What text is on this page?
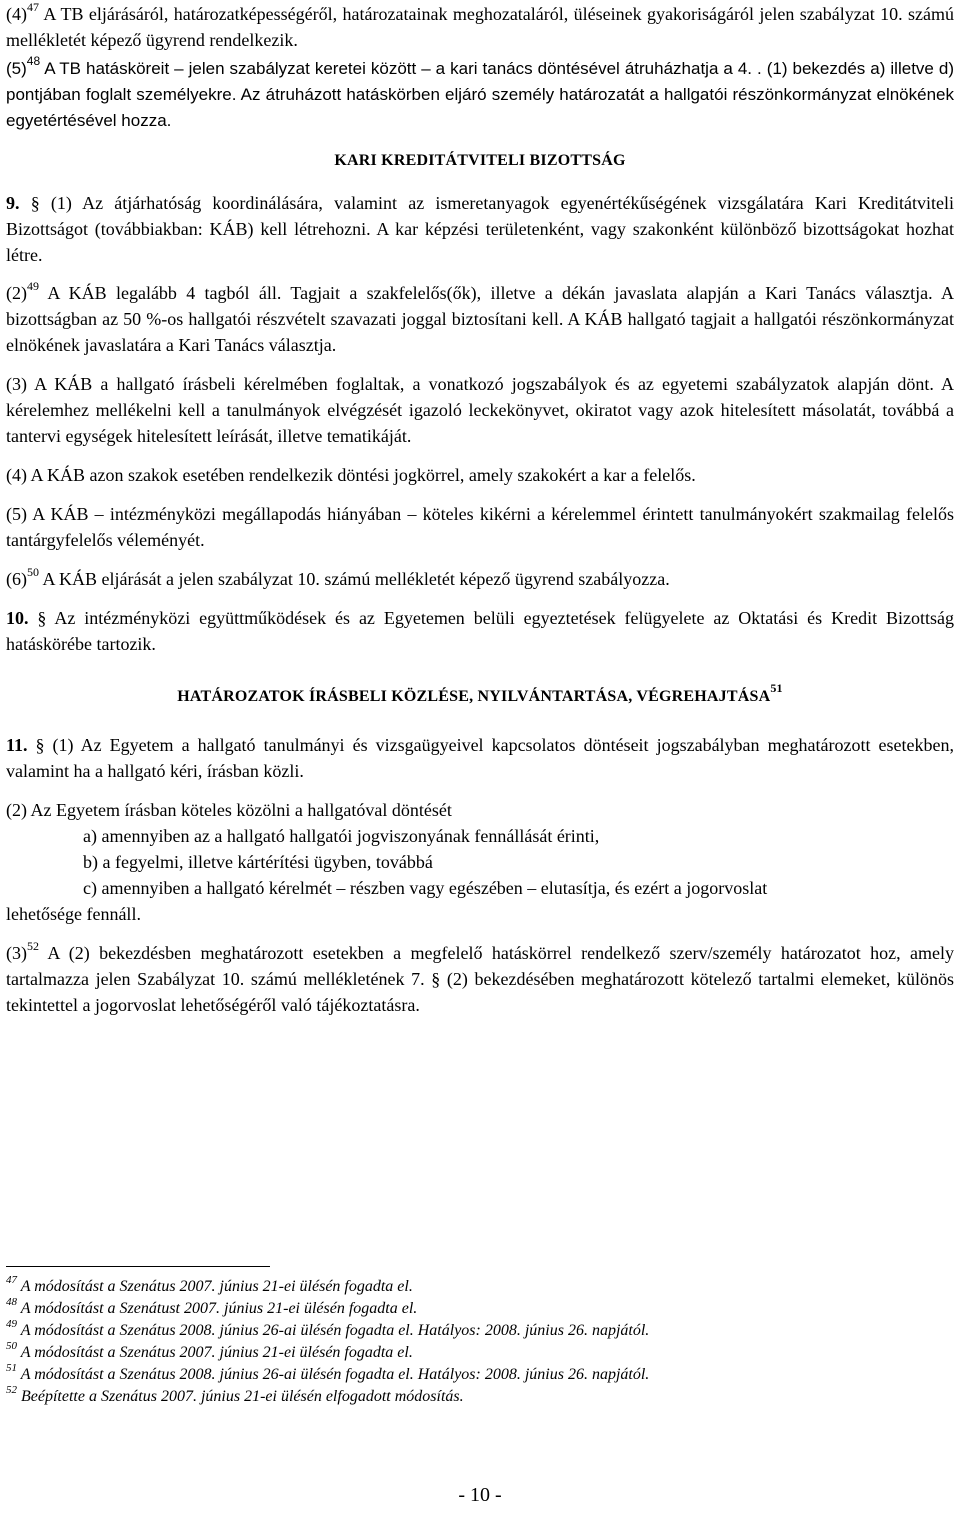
$(4)^{47}$ A TB eljárásáról, határozatképességéről, határozatainak meghozataláról, üléseinek gyakoriságáról jelen szabályzat 10. számú mellékletét képező ügyrend rendelkezik.

$(5)^{48}$ A TB hatásköreit ‒ jelen szabályzat keretei között ‒ a kari tanács döntésével átruházhatja a 4. . (1) bekezdés a) illetve d) pontjában foglalt személyekre. Az átruházott hatáskörben eljáró személy határozatát a hallgatói részönkormányzat elnökének egyetértésével hozza.

KARI KREDITÁTVITELI BIZOTTSÁG

9. § (1) Az átjárhatóság koordinálására, valamint az ismeretanyagok egyenértékűségének vizsgálatára Kari Kreditátviteli Bizottságot (továbbiakban: KÁB) kell létrehozni. A kar képzési területenként, vagy szakonként különböző bizottságokat hozhat létre.

$(2)^{49}$ A KÁB legalább 4 tagból áll. Tagjait a szakfelelős(ők), illetve a dékán javaslata alapján a Kari Tanács választja. A bizottságban az 50 %-os hallgatói részvételt szavazati joggal biztosítani kell. A KÁB hallgató tagjait a hallgatói részönkormányzat elnökének javaslatára a Kari Tanács választja.

(3) A KÁB a hallgató írásbeli kérelmében foglaltak, a vonatkozó jogszabályok és az egyetemi szabályzatok alapján dönt. A kérelemhez mellékelni kell a tanulmányok elvégzését igazoló leckekönyvet, okiratot vagy azok hitelesített másolatát, továbbá a tantervi egységek hitelesített leírását, illetve tematikáját.

(4) A KÁB azon szakok esetében rendelkezik döntési jogkörrel, amely szakokért a kar a felelős.

(5) A KÁB ‒ intézményközi megállapodás hiányában ‒ köteles kikérni a kérelemmel érintett tanulmányokért szakmailag felelős tantárgyfelelős véleményét.

$(6)^{50}$ A KÁB eljárását a jelen szabályzat 10. számú mellékletét képező ügyrend szabályozza.

10. § Az intézményközi együttműködések és az Egyetemen belüli egyeztetések felügyelete az Oktatási és Kredit Bizottság hatáskörébe tartozik.

HATÁROZATOK ÍRÁSBELI KÖZLÉSE, NYILVÁNTARTÁSA, VÉGREHAJTÁSA$^{51}$

11. § (1) Az Egyetem a hallgató tanulmányi és vizsgaügyeivel kapcsolatos döntéseit jogszabályban meghatározott esetekben, valamint ha a hallgató kéri, írásban közli.

(2) Az Egyetem írásban köteles közölni a hallgatóval döntését

a) amennyiben az a hallgató hallgatói jogviszonyának fennállását érinti,

b) a fegyelmi, illetve kártérítési ügyben, továbbá

c) amennyiben a hallgató kérelmét ‒ részben vagy egészében ‒ elutasítja, és ezért a jogorvoslat

lehetősége fennáll.

$(3)^{52}$ A (2) bekezdésben meghatározott esetekben a megfelelő hatáskörrel rendelkező szerv/személy határozatot hoz, amely tartalmazza jelen Szabályzat 10. számú mellékletének 7. § (2) bekezdésében meghatározott kötelező tartalmi elemeket, különös tekintettel a jogorvoslat lehetőségéről való tájékoztatásra.

$^{47}$ A módosítást a Szenátus 2007. június 21-ei ülésén fogadta el.
$^{48}$ A módosítást a Szenátust 2007. június 21-ei ülésén fogadta el.
$^{49}$ A módosítást a Szenátus 2008. június 26-ai ülésén fogadta el. Hatályos: 2008. június 26. napjától.
$^{50}$ A módosítást a Szenátus 2007. június 21-ei ülésén fogadta el.
$^{51}$ A módosítást a Szenátus 2008. június 26-ai ülésén fogadta el. Hatályos: 2008. június 26. napjától.
$^{52}$ Beépítette a Szenátus 2007. június 21-ei ülésén elfogadott módosítás.
- 10 -
